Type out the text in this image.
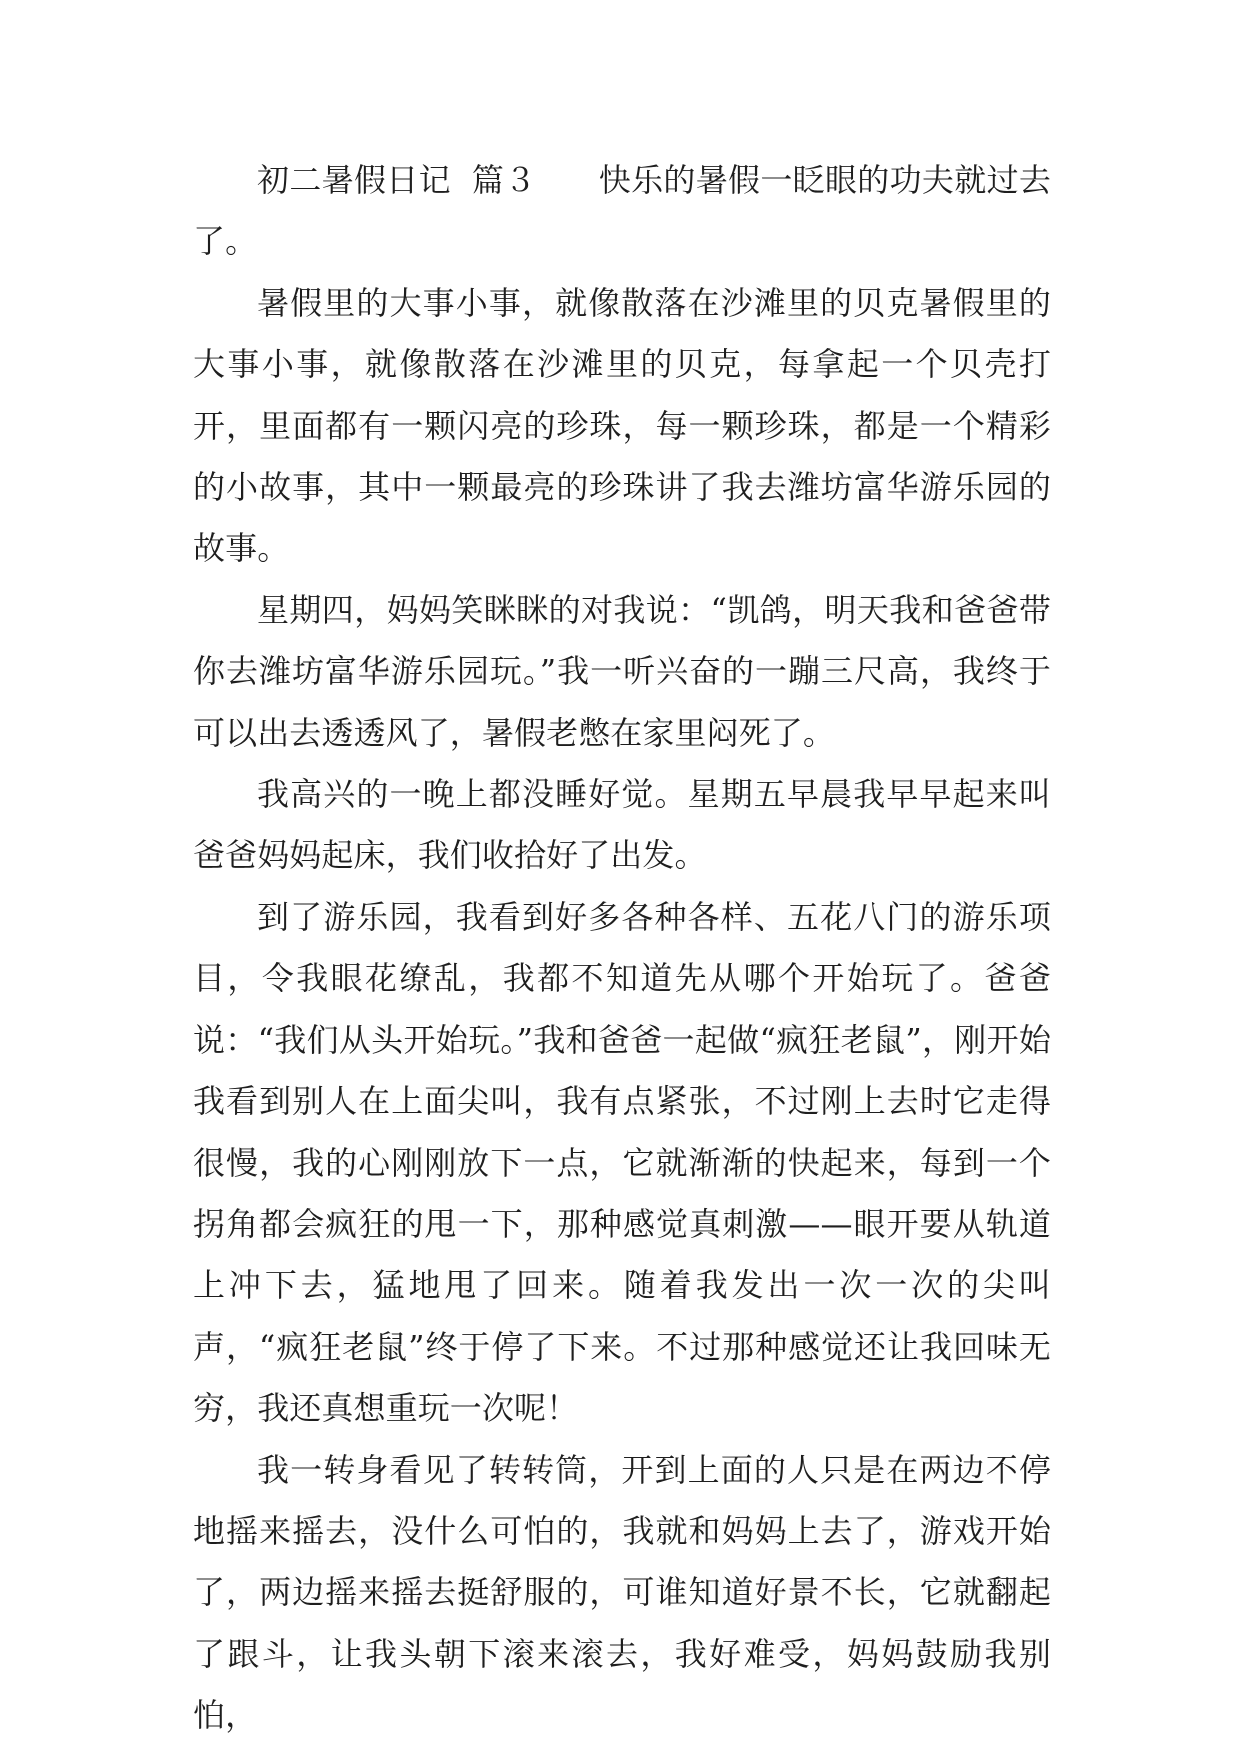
初二暑假日记  篇３ 快乐的暑假一眨眼的功夫就过去了。

暑假里的大事小事，就像散落在沙滩里的贝克暑假里的大事小事，就像散落在沙滩里的贝克，每拿起一个贝壳打开，里面都有一颗闪亮的珍珠，每一颗珍珠，都是一个精彩的小故事，其中一颗最亮的珍珠讲了我去潍坊富华游乐园的故事。

星期四，妈妈笑眯眯的对我说：“凯鸽，明天我和爸爸带你去潍坊富华游乐园玩。”我一听兴奋的一蹦三尺高，我终于可以出去透透风了，暑假老憋在家里闷死了。

我高兴的一晚上都没睡好觉。星期五早晨我早早起来叫爸爸妈妈起床，我们收拾好了出发。

到了游乐园，我看到好多各种各样、五花八门的游乐项目，令我眼花缭乱，我都不知道先从哪个开始玩了。爸爸说：“我们从头开始玩。”我和爸爸一起做“疯狂老鼠”，刚开始我看到别人在上面尖叫，我有点紧张，不过刚上去时它走得很慢，我的心刚刚放下一点，它就渐渐的快起来，每到一个拐角都会疯狂的甩一下，那种感觉真刺激——眼开要从轨道上冲下去，猛地甩了回来。随着我发出一次一次的尖叫声，“疯狂老鼠”终于停了下来。不过那种感觉还让我回味无穷，我还真想重玩一次呢！

我一转身看见了转转筒，开到上面的人只是在两边不停地摇来摇去，没什么可怕的，我就和妈妈上去了，游戏开始了，两边摇来摇去挺舒服的，可谁知道好景不长，它就翻起了跟斗，让我头朝下滚来滚去，我好难受，妈妈鼓励我别怕，
